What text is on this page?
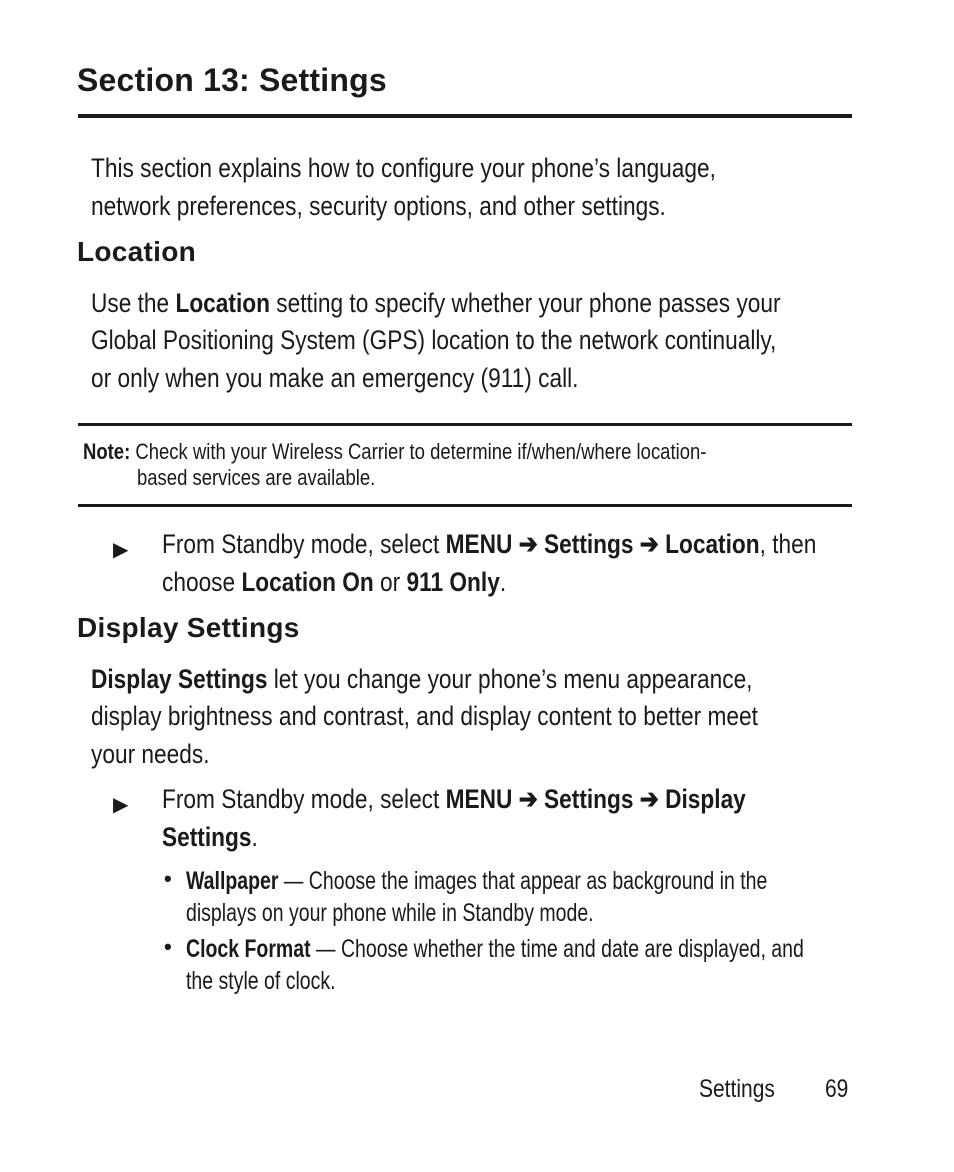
Section 13: Settings

This section explains how to configure your phone’s language,

network preferences, security options, and other settings.

Location

Use the Location setting to specify whether your phone passes your

Global Positioning System (GPS) location to the network continually,

or only when you make an emergency (911) call.

Note: Check with your Wireless Carrier to determine if/when/where location-

based services are available.

▶ From Standby mode, select MENU ➔ Settings ➔ Location, then

choose Location On or 911 Only.

Display Settings

Display Settings let you change your phone’s menu appearance,

display brightness and contrast, and display content to better meet

your needs.

▶ From Standby mode, select MENU ➔ Settings ➔ Display

Settings.

• Wallpaper — Choose the images that appear as background in the

displays on your phone while in Standby mode.

• Clock Format — Choose whether the time and date are displayed, and

the style of clock.

Settings 69
